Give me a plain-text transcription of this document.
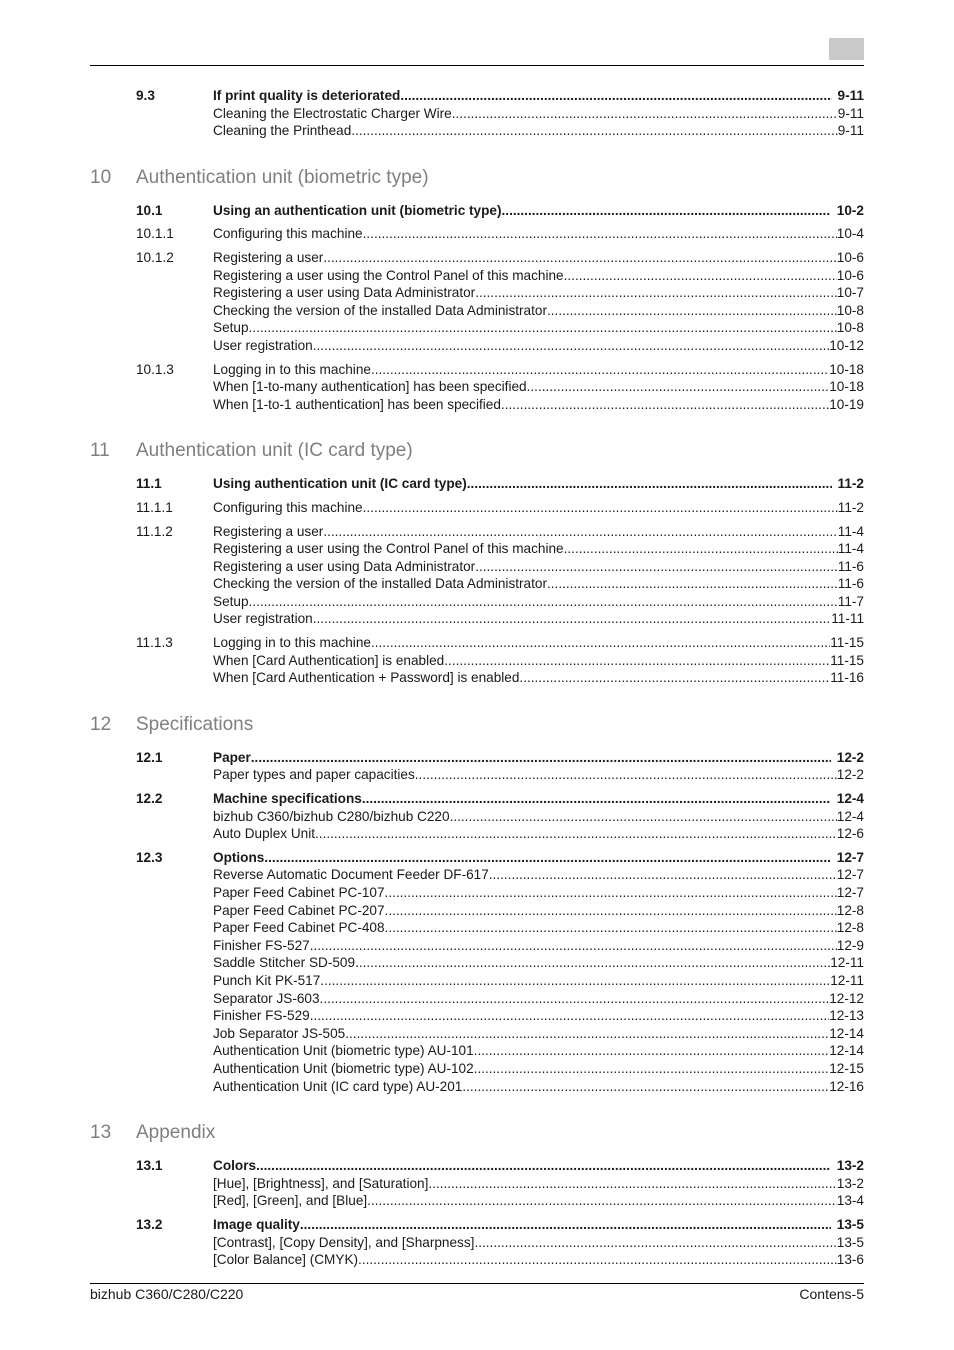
9.3	If print quality is deteriorated .....	9-11
Cleaning the Electrostatic Charger Wire .....	9-11
Cleaning the Printhead .....	9-11
10	Authentication unit (biometric type)
10.1	Using an authentication unit (biometric type) .....	10-2
10.1.1	Configuring this machine .....	10-4
10.1.2	Registering a user .....	10-6
Registering a user using the Control Panel of this machine .....	10-6
Registering a user using Data Administrator .....	10-7
Checking the version of the installed Data Administrator .....	10-8
Setup .....	10-8
User registration .....	10-12
10.1.3	Logging in to this machine .....	10-18
When [1-to-many authentication] has been specified .....	10-18
When [1-to-1 authentication] has been specified .....	10-19
11	Authentication unit (IC card type)
11.1	Using authentication unit (IC card type) .....	11-2
11.1.1	Configuring this machine .....	11-2
11.1.2	Registering a user .....	11-4
Registering a user using the Control Panel of this machine .....	11-4
Registering a user using Data Administrator .....	11-6
Checking the version of the installed Data Administrator .....	11-6
Setup .....	11-7
User registration .....	11-11
11.1.3	Logging in to this machine .....	11-15
When [Card Authentication] is enabled .....	11-15
When [Card Authentication + Password] is enabled .....	11-16
12	Specifications
12.1	Paper .....	12-2
Paper types and paper capacities .....	12-2
12.2	Machine specifications .....	12-4
bizhub C360/bizhub C280/bizhub C220 .....	12-4
Auto Duplex Unit .....	12-6
12.3	Options .....	12-7
Reverse Automatic Document Feeder DF-617 .....	12-7
Paper Feed Cabinet PC-107 .....	12-7
Paper Feed Cabinet PC-207 .....	12-8
Paper Feed Cabinet PC-408 .....	12-8
Finisher FS-527 .....	12-9
Saddle Stitcher SD-509 .....	12-11
Punch Kit PK-517 .....	12-11
Separator JS-603 .....	12-12
Finisher FS-529 .....	12-13
Job Separator JS-505 .....	12-14
Authentication Unit (biometric type) AU-101 .....	12-14
Authentication Unit (biometric type) AU-102 .....	12-15
Authentication Unit (IC card type) AU-201 .....	12-16
13	Appendix
13.1	Colors .....	13-2
[Hue], [Brightness], and [Saturation] .....	13-2
[Red], [Green], and [Blue] .....	13-4
13.2	Image quality .....	13-5
[Contrast], [Copy Density], and [Sharpness] .....	13-5
[Color Balance] (CMYK) .....	13-6
bizhub C360/C280/C220	Contens-5
